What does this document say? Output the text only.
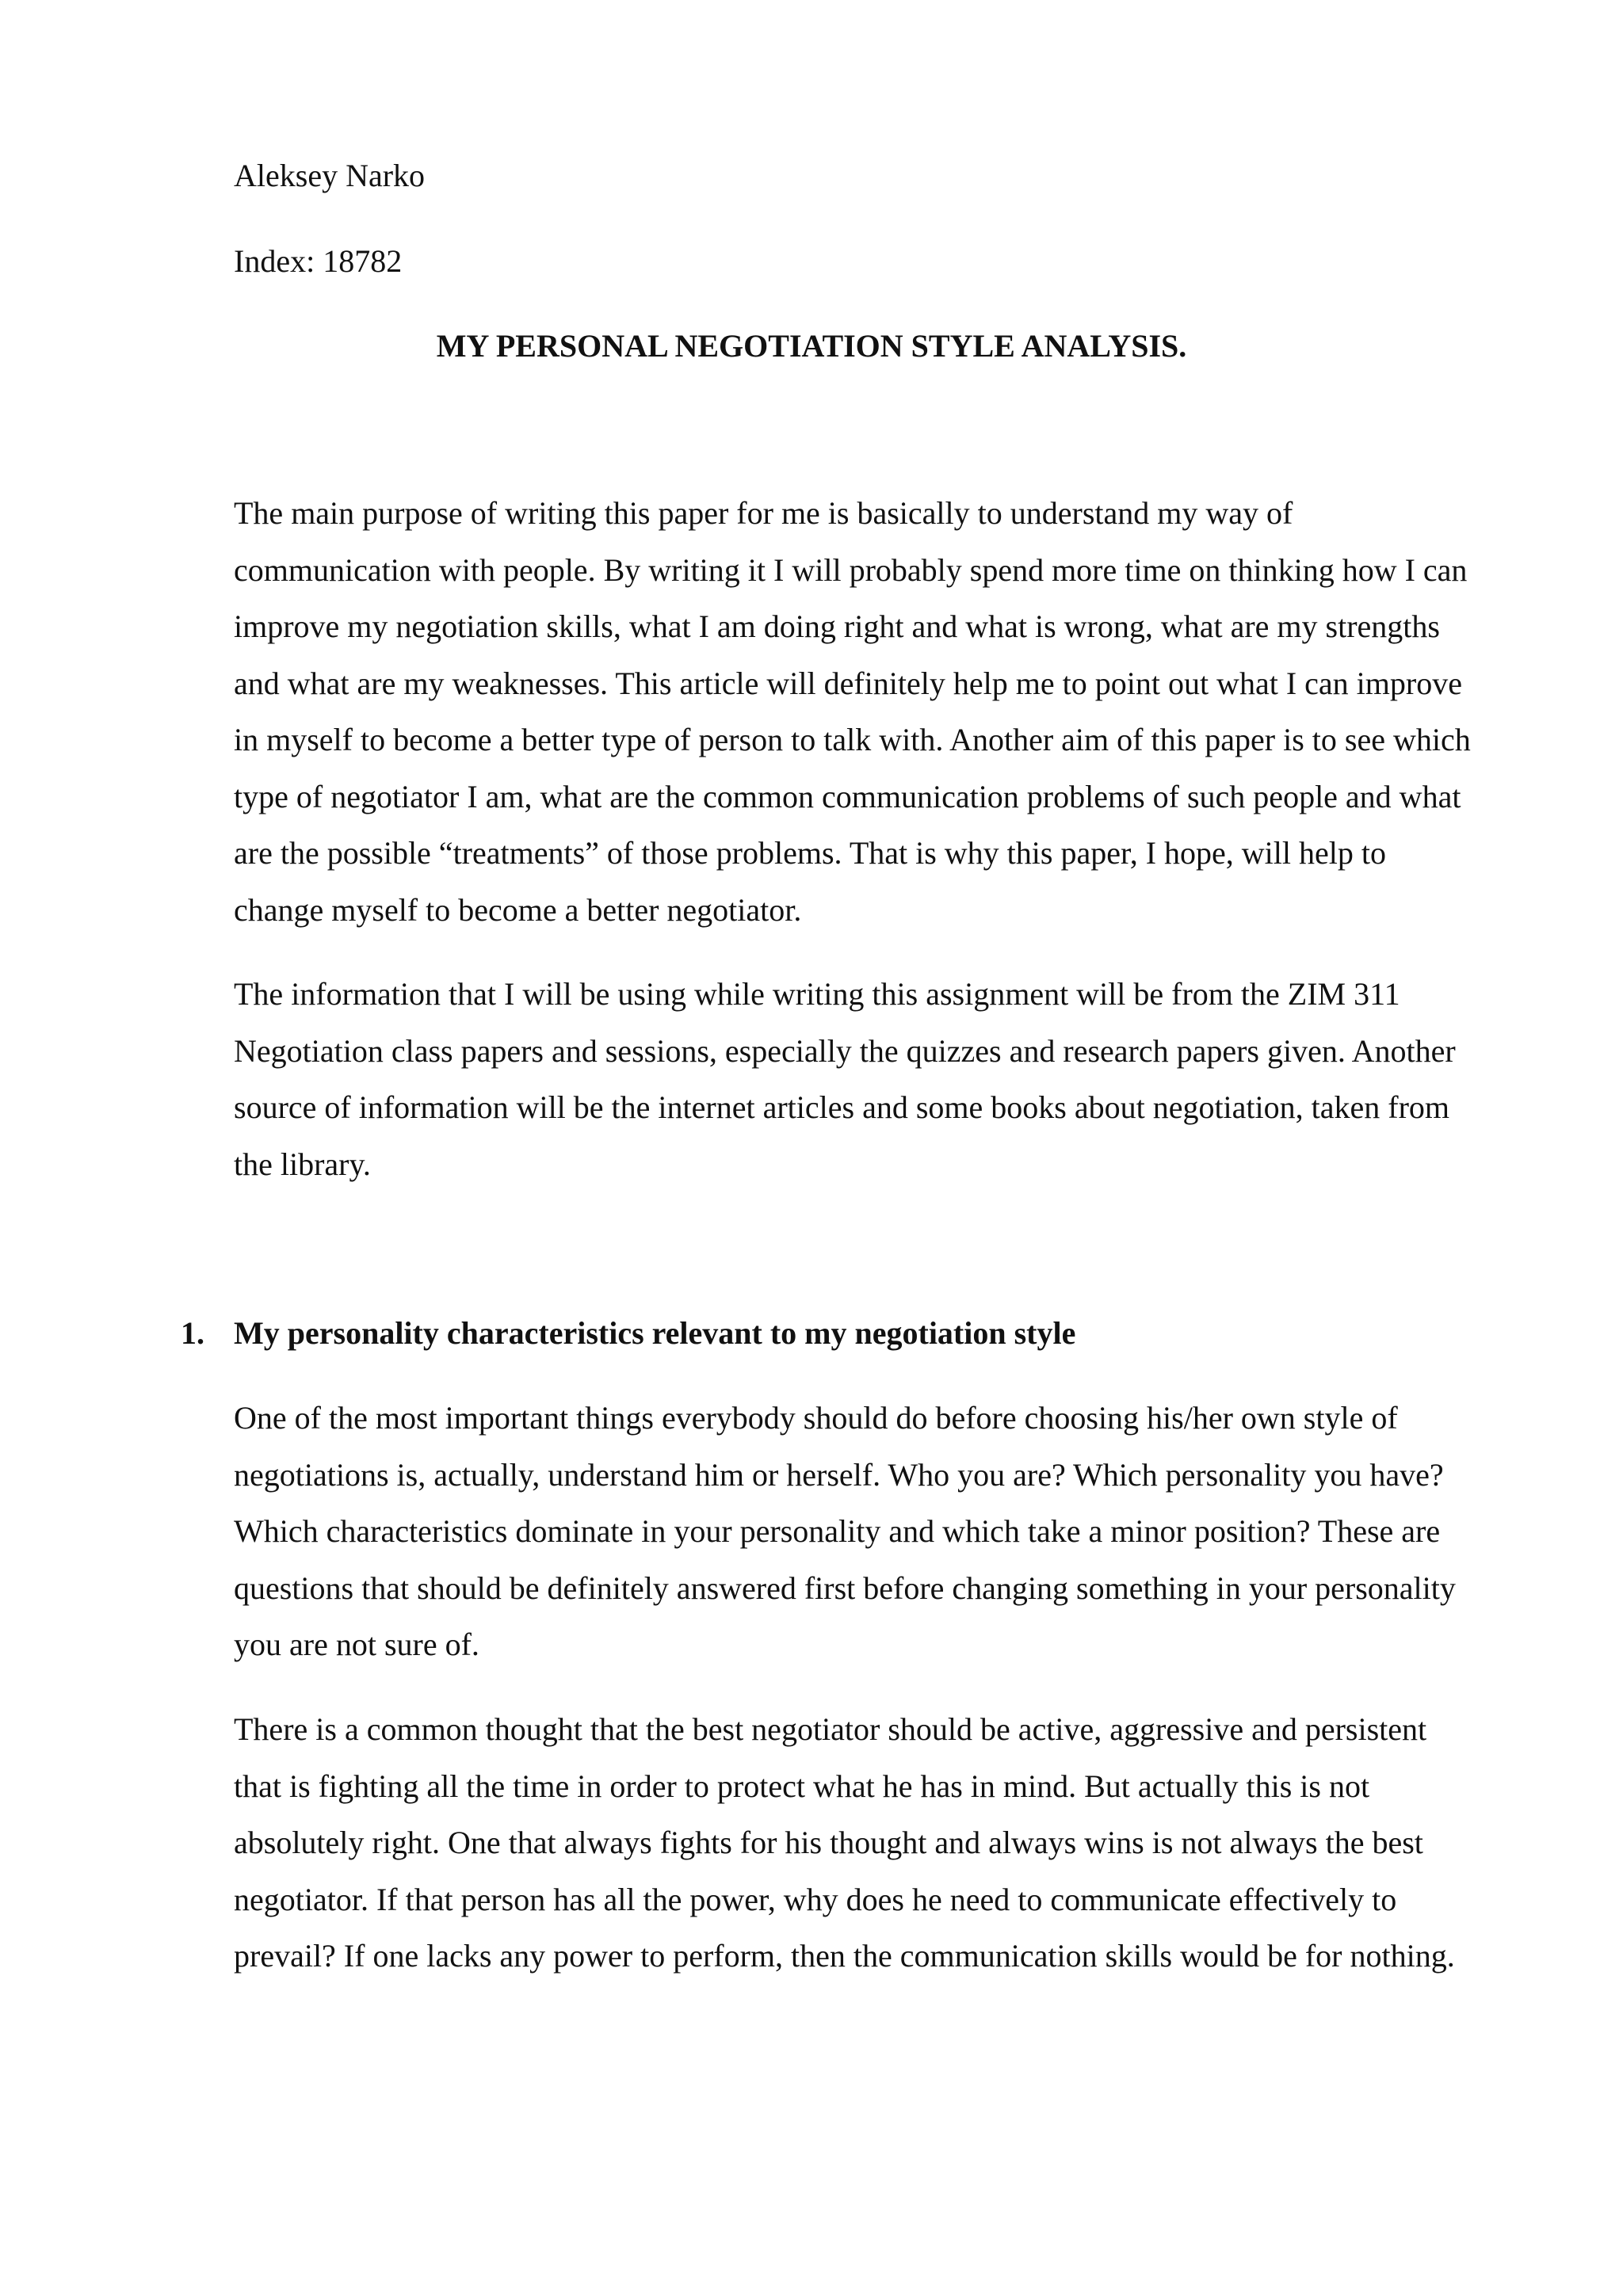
Aleksey Narko
Index: 18782
MY PERSONAL NEGOTIATION STYLE ANALYSIS.

The main purpose of writing this paper for me is basically to understand my way of communication with people. By writing it I will probably spend more time on thinking how I can improve my negotiation skills, what I am doing right and what is wrong, what are my strengths and what are my weaknesses. This article will definitely help me to point out what I can improve in myself to become a better type of person to talk with. Another aim of this paper is to see which type of negotiator I am, what are the common communication problems of such people and what are the possible “treatments” of those problems. That is why this paper, I hope, will help to change myself to become a better negotiator.

The information that I will be using while writing this assignment will be from the ZIM 311 Negotiation class papers and sessions, especially the quizzes and research papers given. Another source of information will be the internet articles and some books about negotiation, taken from the library.

1. My personality characteristics relevant to my negotiation style

One of the most important things everybody should do before choosing his/her own style of negotiations is, actually, understand him or herself. Who you are? Which personality you have? Which characteristics dominate in your personality and which take a minor position? These are questions that should be definitely answered first before changing something in your personality you are not sure of.

There is a common thought that the best negotiator should be active, aggressive and persistent that is fighting all the time in order to protect what he has in mind. But actually this is not absolutely right. One that always fights for his thought and always wins is not always the best negotiator. If that person has all the power, why does he need to communicate effectively to prevail? If one lacks any power to perform, then the communication skills would be for nothing.
